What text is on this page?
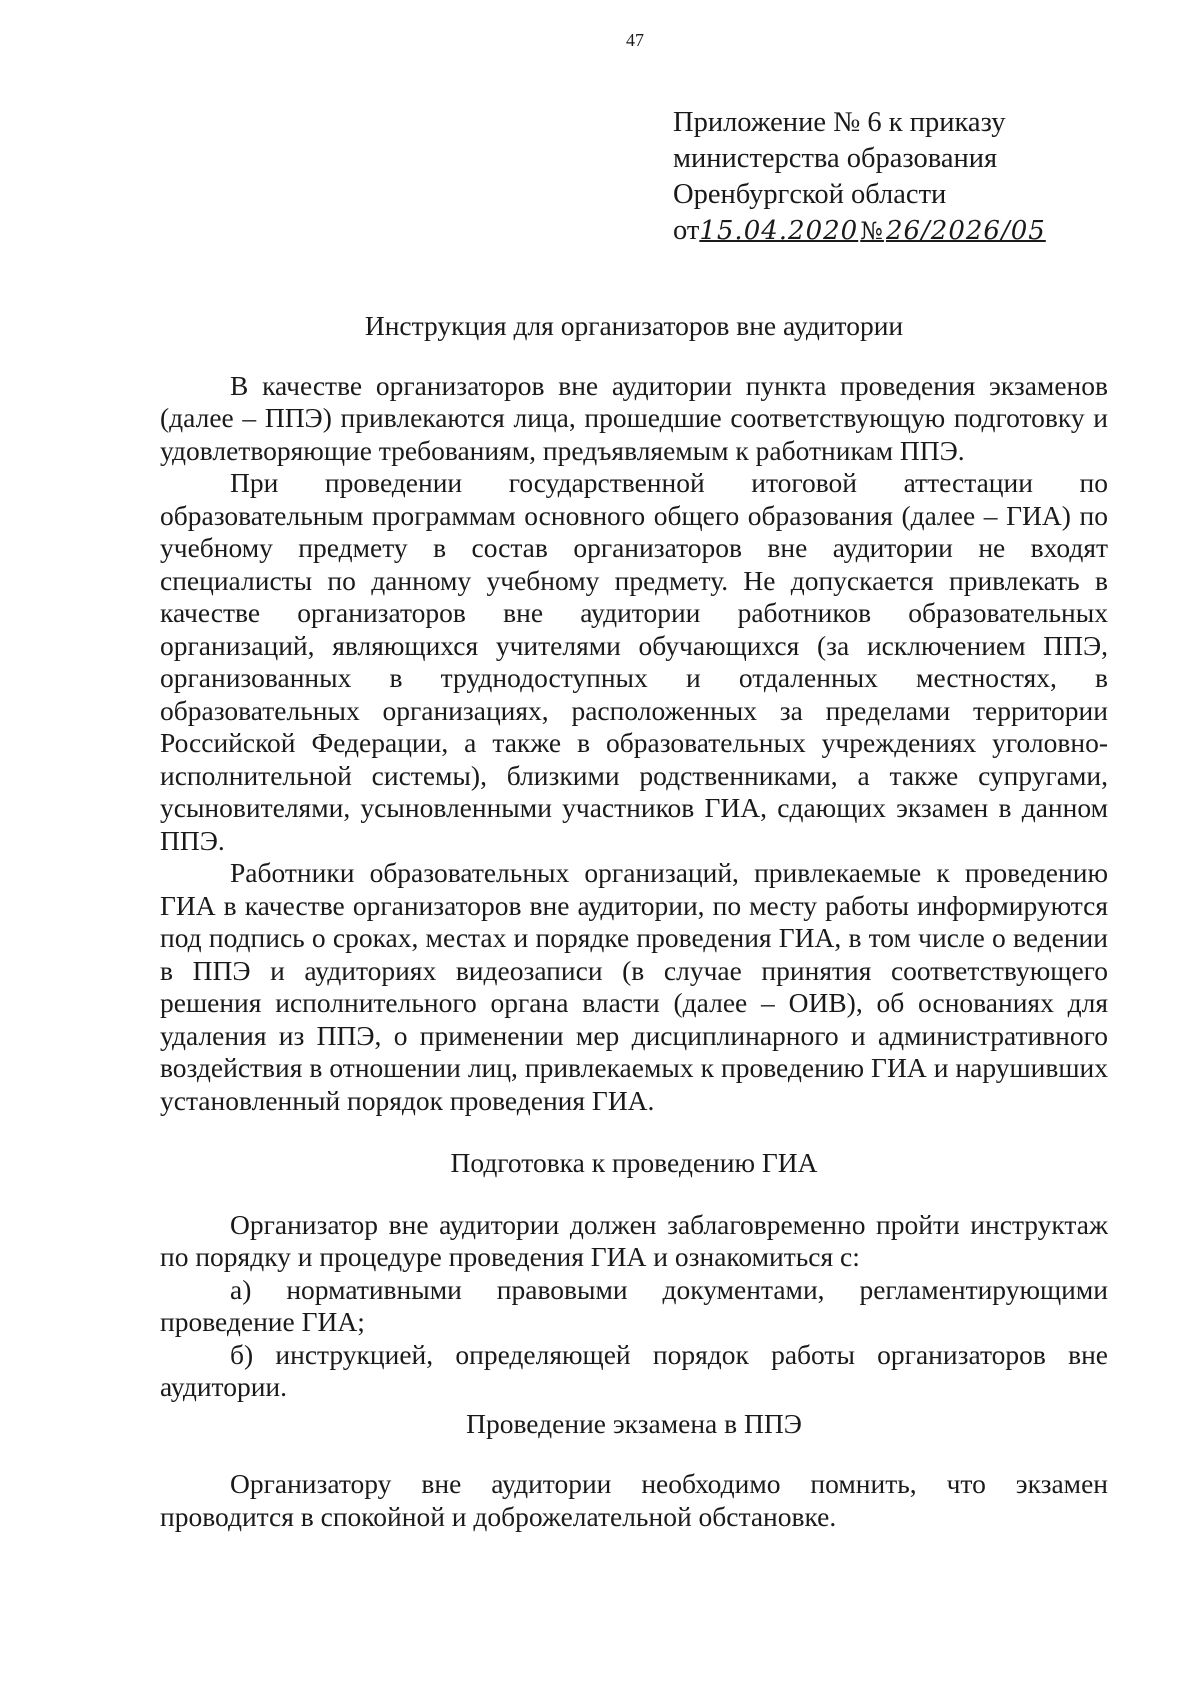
47
Приложение № 6 к приказу
министерства образования
Оренбургской области
от15.04.2020№26/2026/05

Инструкция для организаторов вне аудитории

В качестве организаторов вне аудитории пункта проведения экзаменов (далее – ППЭ) привлекаются лица, прошедшие соответствующую подготовку и удовлетворяющие требованиям, предъявляемым к работникам ППЭ.

При проведении государственной итоговой аттестации по образовательным программам основного общего образования (далее – ГИА) по учебному предмету в состав организаторов вне аудитории не входят специалисты по данному учебному предмету. Не допускается привлекать в качестве организаторов вне аудитории работников образовательных организаций, являющихся учителями обучающихся (за исключением ППЭ, организованных в труднодоступных и отдаленных местностях, в образовательных организациях, расположенных за пределами территории Российской Федерации, а также в образовательных учреждениях уголовно-исполнительной системы), близкими родственниками, а также супругами, усыновителями, усыновленными участников ГИА, сдающих экзамен в данном ППЭ.

Работники образовательных организаций, привлекаемые к проведению ГИА в качестве организаторов вне аудитории, по месту работы информируются под подпись о сроках, местах и порядке проведения ГИА, в том числе о ведении в ППЭ и аудиториях видеозаписи (в случае принятия соответствующего решения исполнительного органа власти (далее – ОИВ), об основаниях для удаления из ППЭ, о применении мер дисциплинарного и административного воздействия в отношении лиц, привлекаемых к проведению ГИА и нарушивших установленный порядок проведения ГИА.

Подготовка к проведению ГИА

Организатор вне аудитории должен заблаговременно пройти инструктаж по порядку и процедуре проведения ГИА и ознакомиться с:

а) нормативными правовыми документами, регламентирующими проведение ГИА;

б) инструкцией, определяющей порядок работы организаторов вне аудитории.

Проведение экзамена в ППЭ

Организатору вне аудитории необходимо помнить, что экзамен проводится в спокойной и доброжелательной обстановке.
